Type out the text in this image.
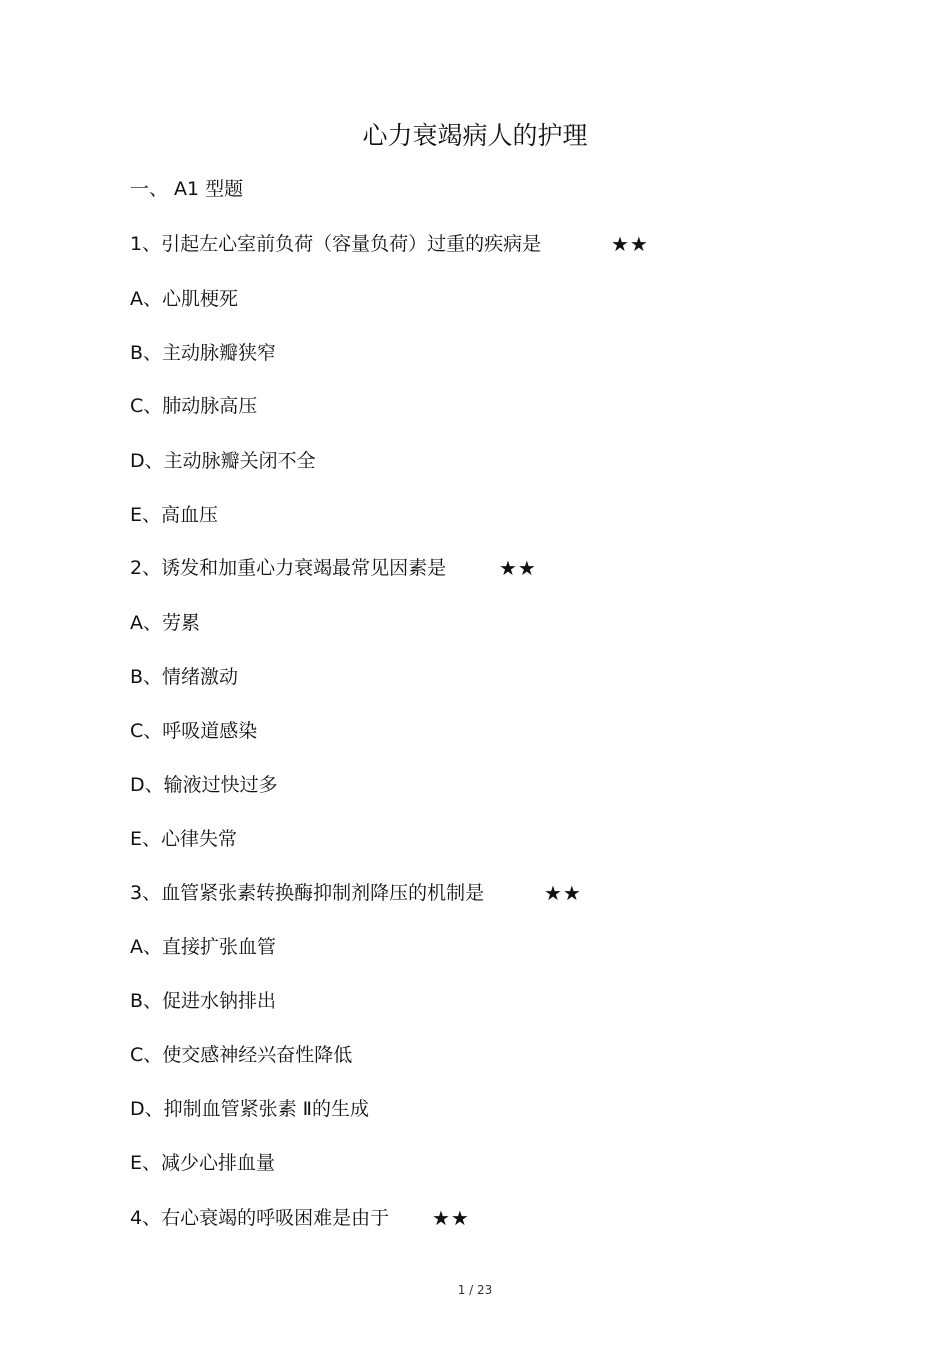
心力衰竭病人的护理
一、 A1 型题
1、引起左心室前负荷（容量负荷）过重的疾病是	★★
A、心肌梗死
B、主动脉瓣狭窄
C、肺动脉高压
D、主动脉瓣关闭不全
E、高血压
2、诱发和加重心力衰竭最常见因素是	★★
A、劳累
B、情绪激动
C、呼吸道感染
D、输液过快过多
E、心律失常
3、血管紧张素转换酶抑制剂降压的机制是	★★
A、直接扩张血管
B、促进水钠排出
C、使交感神经兴奋性降低
D、抑制血管紧张素 Ⅱ的生成
E、减少心排血量
4、右心衰竭的呼吸困难是由于 ★★
1 / 23
